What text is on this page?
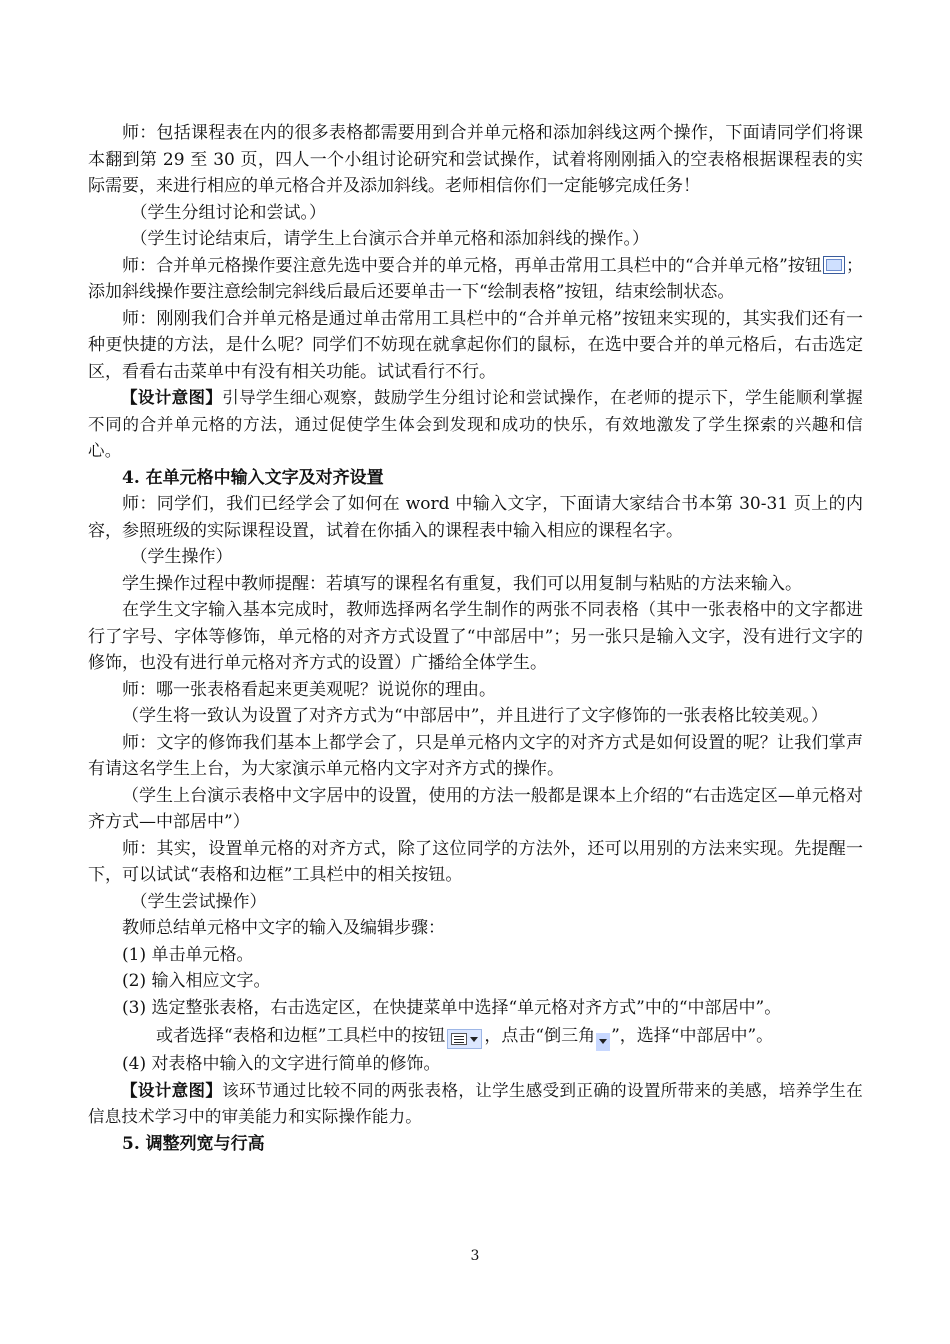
师：包括课程表在内的很多表格都需要用到合并单元格和添加斜线这两个操作，下面请同学们将课本翻到第 29 至 30 页，四人一个小组讨论研究和尝试操作，试着将刚刚插入的空表格根据课程表的实际需要，来进行相应的单元格合并及添加斜线。老师相信你们一定能够完成任务！

（学生分组讨论和尝试。）

（学生讨论结束后，请学生上台演示合并单元格和添加斜线的操作。）

师：合并单元格操作要注意先选中要合并的单元格，再单击常用工具栏中的“合并单元格”按钮 ；添加斜线操作要注意绘制完斜线后最后还要单击一下“绘制表格”按钮，结束绘制状态。

师：刚刚我们合并单元格是通过单击常用工具栏中的“合并单元格”按钮来实现的，其实我们还有一种更快捷的方法，是什么呢？同学们不妨现在就拿起你们的鼠标，在选中要合并的单元格后，右击选定区，看看右击菜单中有没有相关功能。试试看行不行。

【设计意图】引导学生细心观察，鼓励学生分组讨论和尝试操作，在老师的提示下，学生能顺利掌握不同的合并单元格的方法，通过促使学生体会到发现和成功的快乐，有效地激发了学生探索的兴趣和信心。

4. 在单元格中输入文字及对齐设置

师：同学们，我们已经学会了如何在 word 中输入文字，下面请大家结合书本第 30-31 页上的内容，参照班级的实际课程设置，试着在你插入的课程表中输入相应的课程名字。

（学生操作）

学生操作过程中教师提醒：若填写的课程名有重复，我们可以用复制与粘贴的方法来输入。

在学生文字输入基本完成时，教师选择两名学生制作的两张不同表格（其中一张表格中的文字都进行了字号、字体等修饰，单元格的对齐方式设置了“中部居中”；另一张只是输入文字，没有进行文字的修饰，也没有进行单元格对齐方式的设置）广播给全体学生。

师：哪一张表格看起来更美观呢？说说你的理由。

（学生将一致认为设置了对齐方式为“中部居中”，并且进行了文字修饰的一张表格比较美观。）

师：文字的修饰我们基本上都学会了，只是单元格内文字的对齐方式是如何设置的呢？让我们掌声有请这名学生上台，为大家演示单元格内文字对齐方式的操作。

（学生上台演示表格中文字居中的设置，使用的方法一般都是课本上介绍的“右击选定区—单元格对齐方式—中部居中”）

师：其实，设置单元格的对齐方式，除了这位同学的方法外，还可以用别的方法来实现。先提醒一下，可以试试“表格和边框”工具栏中的相关按钮。

（学生尝试操作）

教师总结单元格中文字的输入及编辑步骤：

(1) 单击单元格。

(2) 输入相应文字。

(3) 选定整张表格，右击选定区，在快捷菜单中选择“单元格对齐方式”中的“中部居中”。

或者选择“表格和边框”工具栏中的按钮 ，点击“倒三角 ”，选择“中部居中”。

(4) 对表格中输入的文字进行简单的修饰。

【设计意图】该环节通过比较不同的两张表格，让学生感受到正确的设置所带来的美感，培养学生在信息技术学习中的审美能力和实际操作能力。

5. 调整列宽与行高

3
